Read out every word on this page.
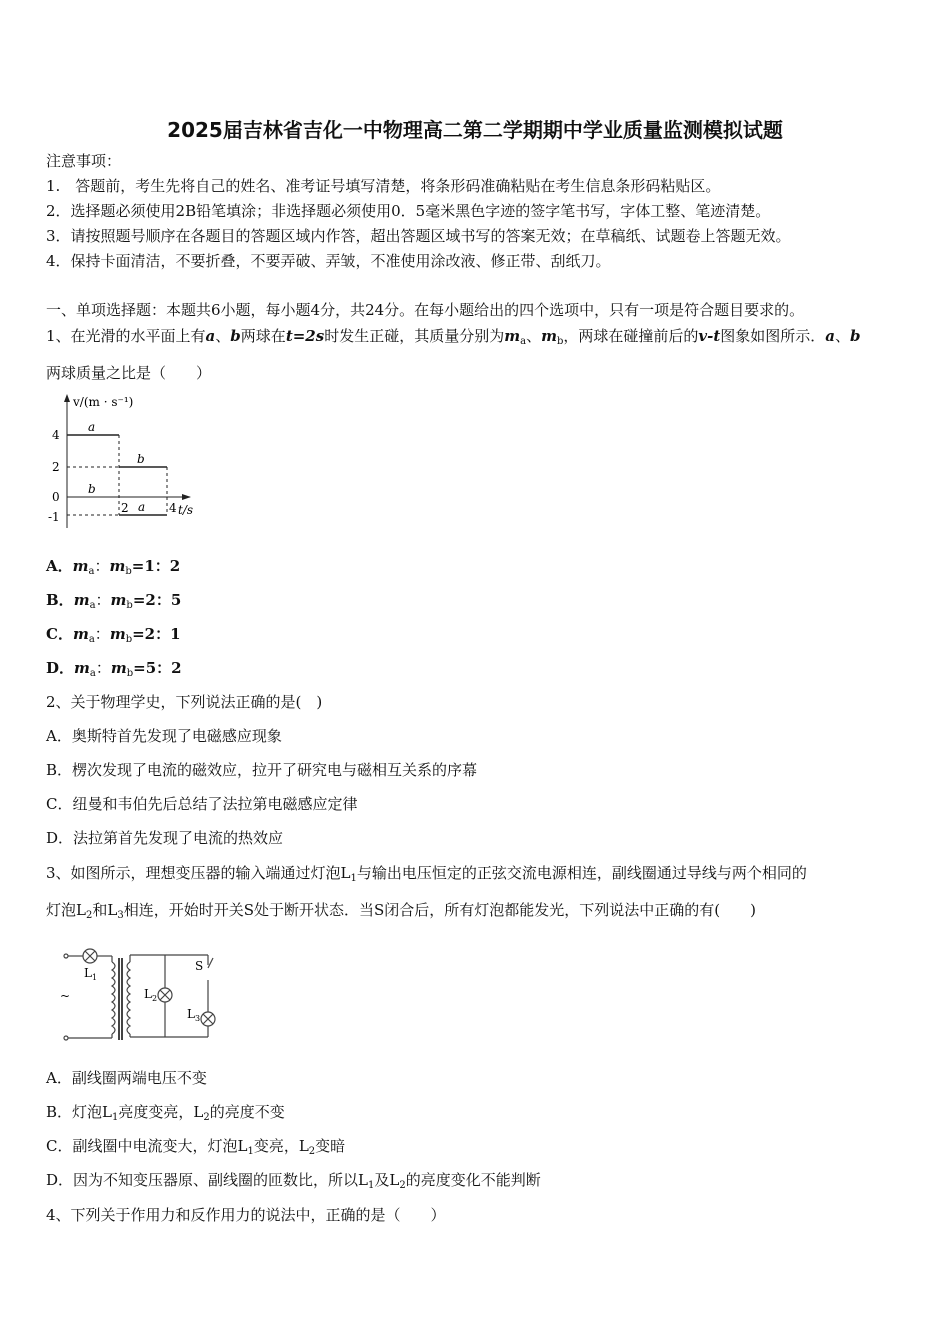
2025届吉林省吉化一中物理高二第二学期期中学业质量监测模拟试题
注意事项：
1.　答题前，考生先将自己的姓名、准考证号填写清楚，将条形码准确粘贴在考生信息条形码粘贴区。
2．选择题必须使用2B铅笔填涂；非选择题必须使用0．5毫米黑色字迹的签字笔书写，字体工整、笔迹清楚。
3．请按照题号顺序在各题目的答题区域内作答，超出答题区域书写的答案无效；在草稿纸、试题卷上答题无效。
4．保持卡面清洁，不要折叠，不要弄破、弄皱，不准使用涂改液、修正带、刮纸刀。
一、单项选择题：本题共6小题，每小题4分，共24分。在每小题给出的四个选项中，只有一项是符合题目要求的。
1、在光滑的水平面上有a、b两球在t=2s时发生正碰，其质量分别为$m_a$、$m_b$，两球在碰撞前后的v-t图象如图所示．a、b
两球质量之比是（　　）
v/(m · s⁻¹)
t/s
4
2
0
-1
2	4
a
b
b
a
A．$m_a$：$m_b=1$：2
B．$m_a$：$m_b=2$：5
C．$m_a$：$m_b=2$：1
D．$m_a$：$m_b=5$：2
2、关于物理学史，下列说法正确的是(　)
A．奥斯特首先发现了电磁感应现象
B．楞次发现了电流的磁效应，拉开了研究电与磁相互关系的序幕
C．纽曼和韦伯先后总结了法拉第电磁感应定律
D．法拉第首先发现了电流的热效应
3、如图所示，理想变压器的输入端通过灯泡$L_1$与输出电压恒定的正弦交流电源相连，副线圈通过导线与两个相同的
灯泡$L_2$和$L_3$相连，开始时开关S处于断开状态．当S闭合后，所有灯泡都能发光，下列说法中正确的有(　　)
$L_1$
$L_2$
$L_3$
S
~
A．副线圈两端电压不变
B．灯泡$L_1$亮度变亮，$L_2$的亮度不变
C．副线圈中电流变大，灯泡$L_1$变亮，$L_2$变暗
D．因为不知变压器原、副线圈的匝数比，所以$L_1$及$L_2$的亮度变化不能判断
4、下列关于作用力和反作用力的说法中，正确的是（　　）
